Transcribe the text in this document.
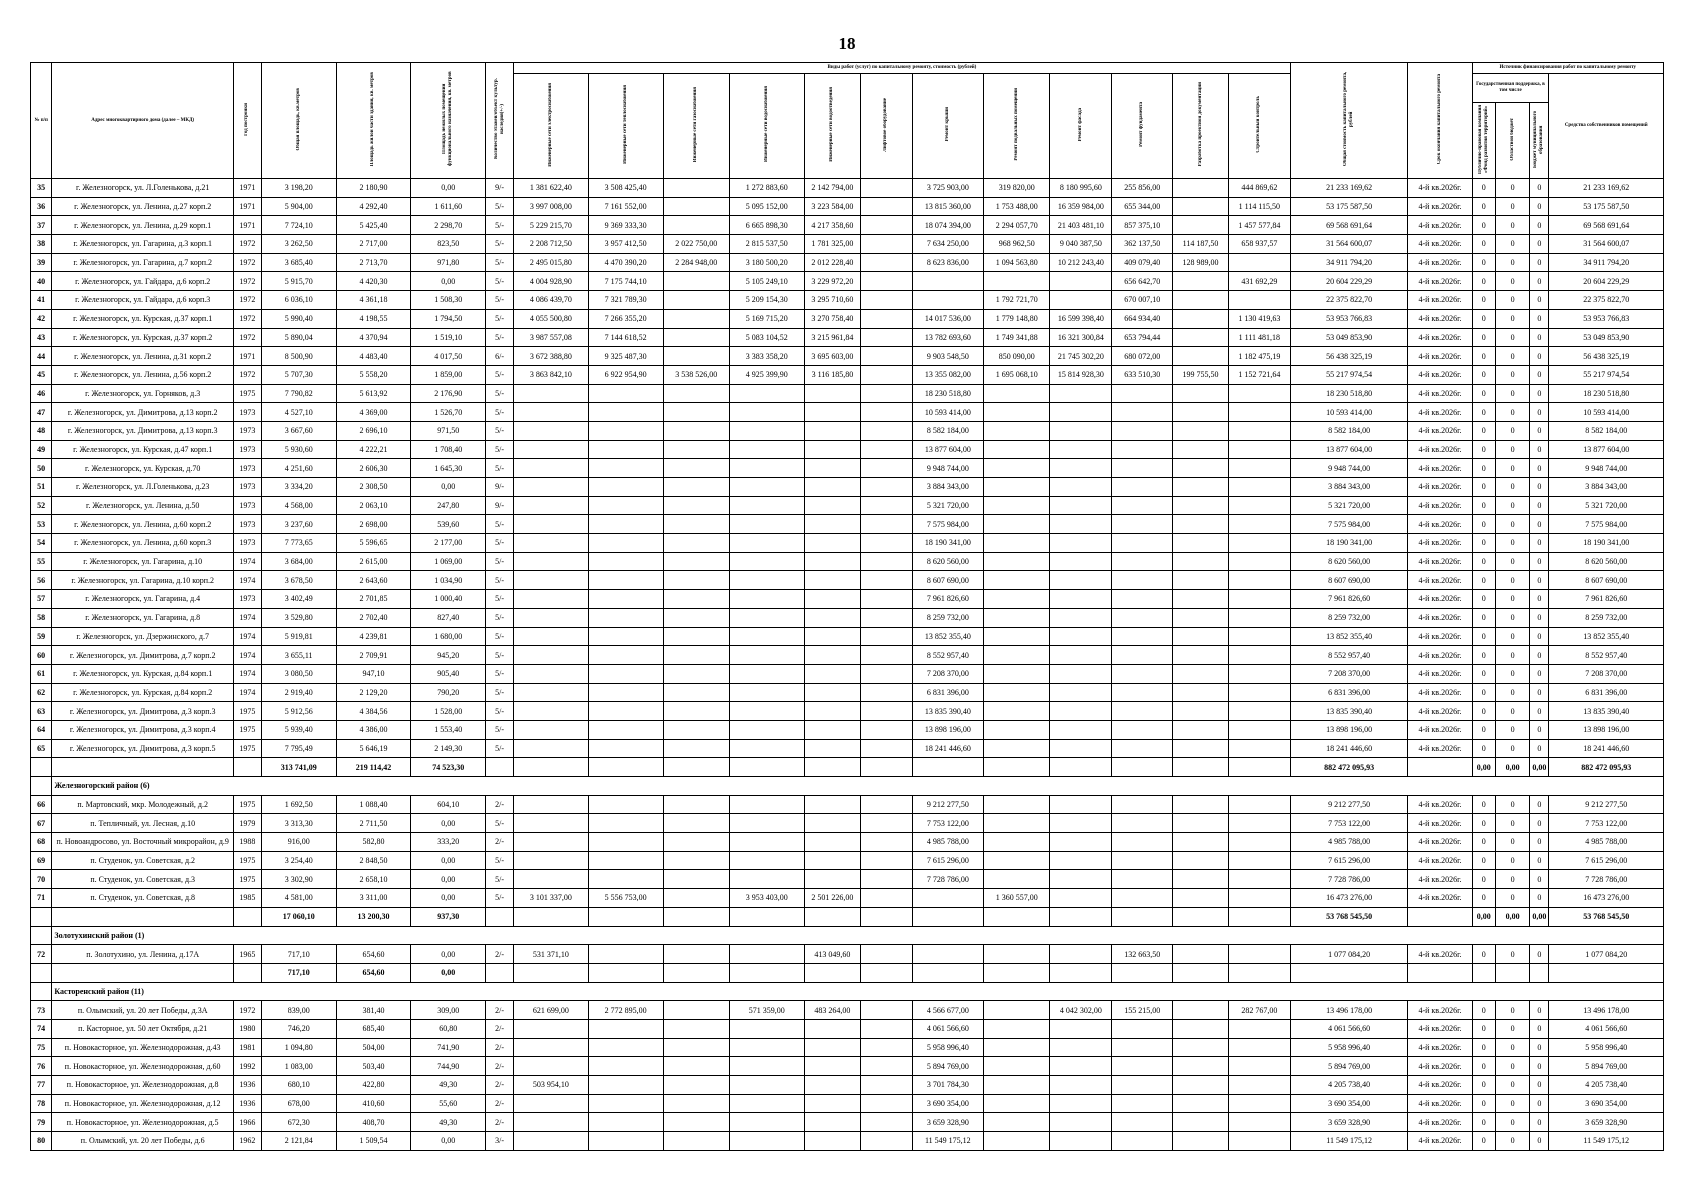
18
№ п/п	Адрес многоквартирного дома (далее – МКД)	Год постройки	Общая площадь, кв.метров	Площадь жилой части здания, кв. метров	Площадь нежилых помещений функционального назначения, кв. метров	Количество этажей/объект культур. наследия(+/-)	Виды работ (услуг) по капитальному ремонту, стоимость (рублей)												Общая стоимость капитального ремонта, рублей	Срок окончания капитального ремонта	Источник финансирования работ по капитальному ремонту			
							Инженерные сети электроснабжения	Инженерные сети теплоснабжения	Инженерные сети газоснабжения	Инженерные сети водоснабжения	Инженерные сети водоотведения	Лифтовое оборудование	Ремонт крыши	Ремонт подвальных помещений	Ремонт фасада	Ремонт фундамента	Разработка проектной документации	Строительный контроль			Государственная поддержка, в том числе			Средства собственников помещений
																					Публично-правовая компания «Фонд развития территорий»	Областной бюджет	Бюджет муниципального образования	
35	г. Железногорск, ул. Л.Голенькова, д.21	1971	3 198,20	2 180,90	0,00	9/-	1 381 622,40	3 508 425,40		1 272 883,60	2 142 794,00		3 725 903,00	319 820,00	8 180 995,60	255 856,00		444 869,62	21 233 169,62	4-й кв.2026г.	0	0	0	21 233 169,62
36	г. Железногорск, ул. Ленина, д.27 корп.2	1971	5 904,00	4 292,40	1 611,60	5/-	3 997 008,00	7 161 552,00		5 095 152,00	3 223 584,00		13 815 360,00	1 753 488,00	16 359 984,00	655 344,00		1 114 115,50	53 175 587,50	4-й кв.2026г.	0	0	0	53 175 587,50
37	г. Железногорск, ул. Ленина, д.29 корп.1	1971	7 724,10	5 425,40	2 298,70	5/-	5 229 215,70	9 369 333,30		6 665 898,30	4 217 358,60		18 074 394,00	2 294 057,70	21 403 481,10	857 375,10		1 457 577,84	69 568 691,64	4-й кв.2026г.	0	0	0	69 568 691,64
38	г. Железногорск, ул. Гагарина, д.3 корп.1	1972	3 262,50	2 717,00	823,50	5/-	2 208 712,50	3 957 412,50	2 022 750,00	2 815 537,50	1 781 325,00		7 634 250,00	968 962,50	9 040 387,50	362 137,50	114 187,50	658 937,57	31 564 600,07	4-й кв.2026г.	0	0	0	31 564 600,07
39	г. Железногорск, ул. Гагарина, д.7 корп.2	1972	3 685,40	2 713,70	971,80	5/-	2 495 015,80	4 470 390,20	2 284 948,00	3 180 500,20	2 012 228,40		8 623 836,00	1 094 563,80	10 212 243,40	409 079,40	128 989,00		34 911 794,20	4-й кв.2026г.	0	0	0	34 911 794,20
40	г. Железногорск, ул. Гайдара, д.6 корп.2	1972	5 915,70	4 420,30	0,00	5/-	4 004 928,90	7 175 744,10		5 105 249,10	3 229 972,20					656 642,70		431 692,29	20 604 229,29	4-й кв.2026г.	0	0	0	20 604 229,29
41	г. Железногорск, ул. Гайдара, д.6 корп.3	1972	6 036,10	4 361,18	1 508,30	5/-	4 086 439,70	7 321 789,30		5 209 154,30	3 295 710,60			1 792 721,70		670 007,10			22 375 822,70	4-й кв.2026г.	0	0	0	22 375 822,70
42	г. Железногорск, ул. Курская, д.37 корп.1	1972	5 990,40	4 198,55	1 794,50	5/-	4 055 500,80	7 266 355,20		5 169 715,20	3 270 758,40		14 017 536,00	1 779 148,80	16 599 398,40	664 934,40		1 130 419,63	53 953 766,83	4-й кв.2026г.	0	0	0	53 953 766,83
43	г. Железногорск, ул. Курская, д.37 корп.2	1972	5 890,04	4 370,94	1 519,10	5/-	3 987 557,08	7 144 618,52		5 083 104,52	3 215 961,84		13 782 693,60	1 749 341,88	16 321 300,84	653 794,44		1 111 481,18	53 049 853,90	4-й кв.2026г.	0	0	0	53 049 853,90
44	г. Железногорск, ул. Ленина, д.31 корп.2	1971	8 500,90	4 483,40	4 017,50	6/-	3 672 388,80	9 325 487,30		3 383 358,20	3 695 603,00		9 903 548,50	850 090,00	21 745 302,20	680 072,00		1 182 475,19	56 438 325,19	4-й кв.2026г.	0	0	0	56 438 325,19
45	г. Железногорск, ул. Ленина, д.56 корп.2	1972	5 707,30	5 558,20	1 859,00	5/-	3 863 842,10	6 922 954,90	3 538 526,00	4 925 399,90	3 116 185,80		13 355 082,00	1 695 068,10	15 814 928,30	633 510,30	199 755,50	1 152 721,64	55 217 974,54	4-й кв.2026г.	0	0	0	55 217 974,54
46	г. Железногорск, ул. Горняков, д.3	1975	7 790,82	5 613,92	2 176,90	5/-							18 230 518,80						18 230 518,80	4-й кв.2026г.	0	0	0	18 230 518,80
47	г. Железногорск, ул. Димитрова, д.13 корп.2	1973	4 527,10	4 369,00	1 526,70	5/-							10 593 414,00						10 593 414,00	4-й кв.2026г.	0	0	0	10 593 414,00
48	г. Железногорск, ул. Димитрова, д.13 корп.3	1973	3 667,60	2 696,10	971,50	5/-							8 582 184,00						8 582 184,00	4-й кв.2026г.	0	0	0	8 582 184,00
49	г. Железногорск, ул. Курская, д.47 корп.1	1973	5 930,60	4 222,21	1 708,40	5/-							13 877 604,00						13 877 604,00	4-й кв.2026г.	0	0	0	13 877 604,00
50	г. Железногорск, ул. Курская, д.70	1973	4 251,60	2 606,30	1 645,30	5/-							9 948 744,00						9 948 744,00	4-й кв.2026г.	0	0	0	9 948 744,00
51	г. Железногорск, ул. Л.Голенькова, д.23	1973	3 334,20	2 308,50	0,00	9/-							3 884 343,00						3 884 343,00	4-й кв.2026г.	0	0	0	3 884 343,00
52	г. Железногорск, ул. Ленина, д.50	1973	4 568,00	2 063,10	247,80	9/-							5 321 720,00						5 321 720,00	4-й кв.2026г.	0	0	0	5 321 720,00
53	г. Железногорск, ул. Ленина, д.60 корп.2	1973	3 237,60	2 698,00	539,60	5/-							7 575 984,00						7 575 984,00	4-й кв.2026г.	0	0	0	7 575 984,00
54	г. Железногорск, ул. Ленина, д.60 корп.3	1973	7 773,65	5 596,65	2 177,00	5/-							18 190 341,00						18 190 341,00	4-й кв.2026г.	0	0	0	18 190 341,00
55	г. Железногорск, ул. Гагарина, д.10	1974	3 684,00	2 615,00	1 069,00	5/-							8 620 560,00						8 620 560,00	4-й кв.2026г.	0	0	0	8 620 560,00
56	г. Железногорск, ул. Гагарина, д.10 корп.2	1974	3 678,50	2 643,60	1 034,90	5/-							8 607 690,00						8 607 690,00	4-й кв.2026г.	0	0	0	8 607 690,00
57	г. Железногорск, ул. Гагарина, д.4	1973	3 402,49	2 701,85	1 000,40	5/-							7 961 826,60						7 961 826,60	4-й кв.2026г.	0	0	0	7 961 826,60
58	г. Железногорск, ул. Гагарина, д.8	1974	3 529,80	2 702,40	827,40	5/-							8 259 732,00						8 259 732,00	4-й кв.2026г.	0	0	0	8 259 732,00
59	г. Железногорск, ул. Дзержинского, д.7	1974	5 919,81	4 239,81	1 680,00	5/-							13 852 355,40						13 852 355,40	4-й кв.2026г.	0	0	0	13 852 355,40
60	г. Железногорск, ул. Димитрова, д.7 корп.2	1974	3 655,11	2 709,91	945,20	5/-							8 552 957,40						8 552 957,40	4-й кв.2026г.	0	0	0	8 552 957,40
61	г. Железногорск, ул. Курская, д.84 корп.1	1974	3 080,50	947,10	905,40	5/-							7 208 370,00						7 208 370,00	4-й кв.2026г.	0	0	0	7 208 370,00
62	г. Железногорск, ул. Курская, д.84 корп.2	1974	2 919,40	2 129,20	790,20	5/-							6 831 396,00						6 831 396,00	4-й кв.2026г.	0	0	0	6 831 396,00
63	г. Железногорск, ул. Димитрова, д.3 корп.3	1975	5 912,56	4 384,56	1 528,00	5/-							13 835 390,40						13 835 390,40	4-й кв.2026г.	0	0	0	13 835 390,40
64	г. Железногорск, ул. Димитрова, д.3 корп.4	1975	5 939,40	4 386,00	1 553,40	5/-							13 898 196,00						13 898 196,00	4-й кв.2026г.	0	0	0	13 898 196,00
65	г. Железногорск, ул. Димитрова, д.3 корп.5	1975	7 795,49	5 646,19	2 149,30	5/-							18 241 446,60						18 241 446,60	4-й кв.2026г.	0	0	0	18 241 446,60
			313 741,09	219 114,42	74 523,30														882 472 095,93		0,00	0,00	0,00	882 472 095,93
	Железногорский район (6)																							
66	п. Мартовский, мкр. Молодежный, д.2	1975	1 692,50	1 088,40	604,10	2/-							9 212 277,50						9 212 277,50	4-й кв.2026г.	0	0	0	9 212 277,50
67	п. Тепличный, ул. Лесная, д.10	1979	3 313,30	2 711,50	0,00	5/-							7 753 122,00						7 753 122,00	4-й кв.2026г.	0	0	0	7 753 122,00
68	п. Новоандросово, ул. Восточный микрорайон, д.9	1988	916,00	582,80	333,20	2/-							4 985 788,00						4 985 788,00	4-й кв.2026г.	0	0	0	4 985 788,00
69	п. Студенок, ул. Советская, д.2	1975	3 254,40	2 848,50	0,00	5/-							7 615 296,00						7 615 296,00	4-й кв.2026г.	0	0	0	7 615 296,00
70	п. Студенок, ул. Советская, д.3	1975	3 302,90	2 658,10	0,00	5/-							7 728 786,00						7 728 786,00	4-й кв.2026г.	0	0	0	7 728 786,00
71	п. Студенок, ул. Советская, д.8	1985	4 581,00	3 311,00	0,00	5/-	3 101 337,00	5 556 753,00		3 953 403,00	2 501 226,00			1 360 557,00					16 473 276,00	4-й кв.2026г.	0	0	0	16 473 276,00
			17 060,10	13 200,30	937,30														53 768 545,50		0,00	0,00	0,00	53 768 545,50
	Золотухинский район (1)																							
72	п. Золотухино, ул. Ленина, д.17А	1965	717,10	654,60	0,00	2/-	531 371,10				413 049,60					132 663,50			1 077 084,20	4-й кв.2026г.	0	0	0	1 077 084,20
			717,10	654,60	0,00																			
	Касторенский район (11)																							
73	п. Олымский, ул. 20 лет Победы, д.3А	1972	839,00	381,40	309,00	2/-	621 699,00	2 772 895,00		571 359,00	483 264,00		4 566 677,00		4 042 302,00	155 215,00		282 767,00	13 496 178,00	4-й кв.2026г.	0	0	0	13 496 178,00
74	п. Касторное, ул. 50 лет Октября, д.21	1980	746,20	685,40	60,80	2/-							4 061 566,60						4 061 566,60	4-й кв.2026г.	0	0	0	4 061 566,60
75	п. Новокасторное, ул. Железнодорожная, д.43	1981	1 094,80	504,00	741,90	2/-							5 958 996,40						5 958 996,40	4-й кв.2026г.	0	0	0	5 958 996,40
76	п. Новокасторное, ул. Железнодорожная, д.60	1992	1 083,00	503,40	744,90	2/-							5 894 769,00						5 894 769,00	4-й кв.2026г.	0	0	0	5 894 769,00
77	п. Новокасторное, ул. Железнодорожная, д.8	1936	680,10	422,80	49,30	2/-	503 954,10						3 701 784,30						4 205 738,40	4-й кв.2026г.	0	0	0	4 205 738,40
78	п. Новокасторное, ул. Железнодорожная, д.12	1936	678,00	410,60	55,60	2/-							3 690 354,00						3 690 354,00	4-й кв.2026г.	0	0	0	3 690 354,00
79	п. Новокасторное, ул. Железнодорожная, д.5	1966	672,30	408,70	49,30	2/-							3 659 328,90						3 659 328,90	4-й кв.2026г.	0	0	0	3 659 328,90
80	п. Олымский, ул. 20 лет Победы, д.6	1962	2 121,84	1 509,54	0,00	3/-							11 549 175,12						11 549 175,12	4-й кв.2026г.	0	0	0	11 549 175,12
